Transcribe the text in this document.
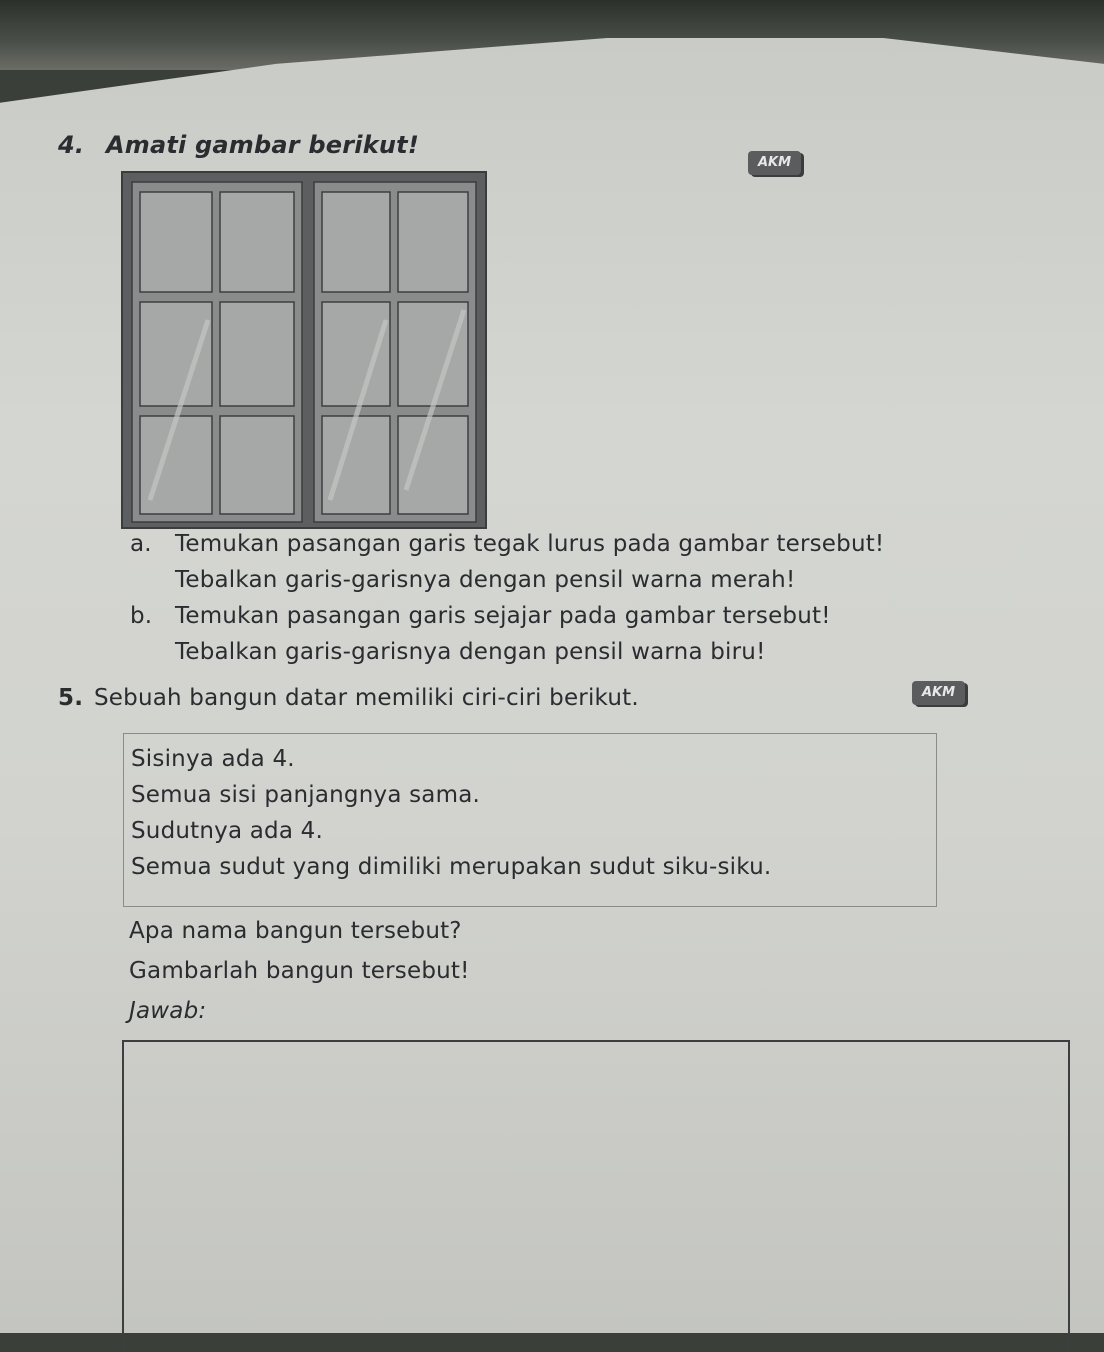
4. Amati gambar berikut!
AKM
a. Temukan pasangan garis tegak lurus pada gambar tersebut!
Tebalkan garis-garisnya dengan pensil warna merah!
b. Temukan pasangan garis sejajar pada gambar tersebut!
Tebalkan garis-garisnya dengan pensil warna biru!
5. Sebuah bangun datar memiliki ciri-ciri berikut.	AKM
Sisinya ada 4.
Semua sisi panjangnya sama.
Sudutnya ada 4.
Semua sudut yang dimiliki merupakan sudut siku-siku.
Apa nama bangun tersebut?
Gambarlah bangun tersebut!
Jawab:
